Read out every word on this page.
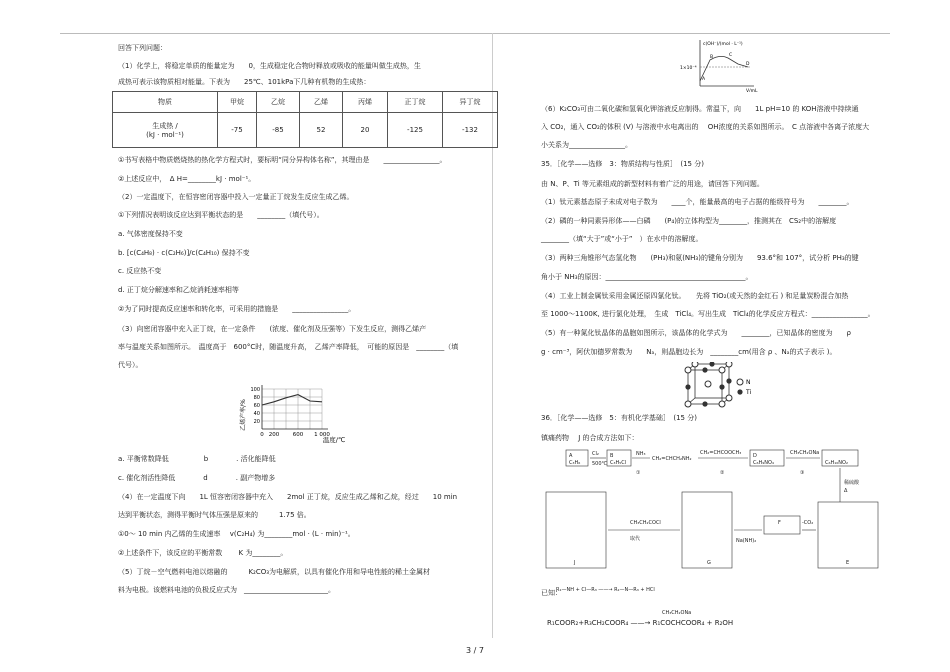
回答下列问题：

（1）化学上，将稳定单质的能量定为　　0，生成稳定化合物时释放或吸收的能量叫做生成热，生

成热可表示该物质相对能量。下表为　　25℃、101kPa下几种有机物的生成热：

①书写表格中物质燃烧热的热化学方程式时，要标明“同分异构体名称”，其理由是　　________________。

②上述反应中，　Δ H=________kJ · mol⁻¹。

（2）一定温度下，在恒容密闭容器中投入一定量正丁烷发生反应生成乙烯。

①下列情况表明该反应达到平衡状态的是　　________（填代号）。

a. 气体密度保持不变

b. [c(C₄H₈) · c(C₂H₆)]/c(C₄H₁₀) 保持不变

c. 反应热不变

d. 正丁烷分解速率和乙烷消耗速率相等

②为了同时提高反应速率和转化率，可采用的措施是　　________________。

（3）向密闭容器中充入正丁烷，在一定条件　　(浓度、催化剂及压强等）下发生反应，测得乙烯产

率与温度关系如图所示。　温度高于　600°C时，随温度升高，　乙烯产率降低，　可能的原因是　________（填

代号）。

a. 平衡常数降低　　　　　b　　　　. 活化能降低

c. 催化剂活性降低　　　　d　　　　. 副产物增多

（4）在一定温度下向　　1L 恒容密闭容器中充入　　2mol 正丁烷，反应生成乙烯和乙烷，经过　　10 min

达到平衡状态，测得平衡时气体压强是原来的　　　1.75 倍。

①0～ 10 min 内乙烯的生成速率　 v(C₂H₄) 为________mol · (L · min)⁻¹。

②上述条件下，该反应的平衡常数　　 K 为________。

（5）丁烷－空气燃料电池以熔融的　　　K₂CO₃为电解质，以具有催化作用和导电性能的稀土金属材

料为电极。该燃料电池的负极反应式为　________________________。

物质	甲烷	乙烷	乙烯	丙烯	正丁烷	异丁烷

生成热 /
(kJ · mol⁻¹)	-75	-85	52	20	-125	-132
乙烯产率/% 20
40
60
80
100
0 200 600 1 000
温度/℃

（6）K₂CO₃可由二氧化碳和氢氧化钾溶液反应制得。常温下，向　　1L pH=10 的 KOH溶液中持续通

入 CO₂，通入 CO₂的体积 (V) 与溶液中水电离出的　 OH浓度的关系如图所示。　C 点溶液中各离子浓度大

小关系为________________。

35．［化学——选修　3：物质结构与性质］　(15 分)

由 N、P、Ti 等元素组成的新型材料有着广泛的用途，请回答下列问题。

（1）钛元素基态原子未成对电子数为　　____个，能量最高的电子占据的能级符号为　　________。

（2）磷的一种同素异形体——白磷　　(P₄)的立体构型为________，推测其在　CS₂中的溶解度

________（填“大于”或“小于”　）在水中的溶解度。

（3）两种三角锥形气态氢化物　　(PH₃)和氨(NH₃)的键角分别为　　93.6°和 107°，试分析 PH₃的键

角小于 NH₃的原因：________________________________________。

（4）工业上制金属钛采用金属还原四氯化钛。　　先将 TiO₂(或天然的金红石 ) 和足量炭粉混合加热

至 1000～1100K, 进行氯化处理，　生成　TiCl₄。写出生成　TiCl₄的化学反应方程式：________________。

（5）有一种氮化钛晶体的晶胞如图所示，该晶体的化学式为　　________，已知晶体的密度为　　ρ

g · cm⁻³，阿伏加德罗常数为　　Nₐ，则晶胞边长为　________cm(用含 ρ 、Nₐ的式子表示 )。

36．［化学——选修　5：有机化学基础］　(15 分)

镇痛药物　 J 的合成方法如下：

已知：

R₁COOR₂+R₃CH₂COOR₄ ——→ R₁COCHCOOR₄ + R₂OH

c(OH⁻)/(mol · L⁻¹)
1×10⁻⁴
A
B	C
D
V/mL
N
Ti
A
C₃H₆
Cl₂
500℃
B
C₃H₅Cl
NH₃
①
CH₂=CHCH₂NH₂
CH₂=CHCOOCH₃
②
D
C₆H₉NO₄
CH₃CH₂ONa
③
C₆H₁₀NO₂
稀硫酸
Δ
J	G	E
F
CH₃CH₂COCl
取代	Na(NH)₂
-CO₂
R₁—NH + Cl—R₃ ——→ R₁—N—R₃ + HCl
CH₃CH₂ONa
3 / 7
